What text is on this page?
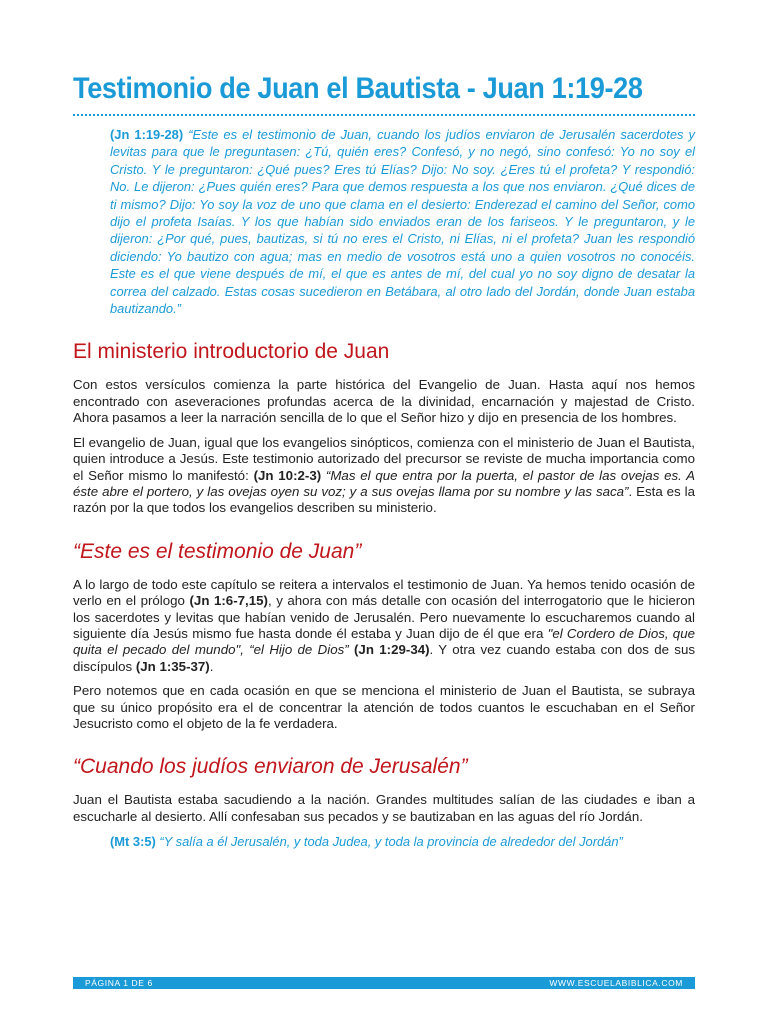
Testimonio de Juan el Bautista - Juan 1:19-28
(Jn 1:19-28) “Este es el testimonio de Juan, cuando los judíos enviaron de Jerusalén sacerdotes y levitas para que le preguntasen: ¿Tú, quién eres? Confesó, y no negó, sino confesó: Yo no soy el Cristo. Y le preguntaron: ¿Qué pues? Eres tú Elías? Dijo: No soy. ¿Eres tú el profeta? Y respondió: No. Le dijeron: ¿Pues quién eres? Para que demos respuesta a los que nos enviaron. ¿Qué dices de ti mismo? Dijo: Yo soy la voz de uno que clama en el desierto: Enderezad el camino del Señor, como dijo el profeta Isaías. Y los que habían sido enviados eran de los fariseos. Y le preguntaron, y le dijeron: ¿Por qué, pues, bautizas, si tú no eres el Cristo, ni Elías, ni el profeta? Juan les respondió diciendo: Yo bautizo con agua; mas en medio de vosotros está uno a quien vosotros no conocéis. Este es el que viene después de mí, el que es antes de mí, del cual yo no soy digno de desatar la correa del calzado. Estas cosas sucedieron en Betábara, al otro lado del Jordán, donde Juan estaba bautizando.”
El ministerio introductorio de Juan

Con estos versículos comienza la parte histórica del Evangelio de Juan. Hasta aquí nos hemos encontrado con aseveraciones profundas acerca de la divinidad, encarnación y majestad de Cristo. Ahora pasamos a leer la narración sencilla de lo que el Señor hizo y dijo en presencia de los hombres.

El evangelio de Juan, igual que los evangelios sinópticos, comienza con el ministerio de Juan el Bautista, quien introduce a Jesús. Este testimonio autorizado del precursor se reviste de mucha importancia como el Señor mismo lo manifestó: (Jn 10:2-3) “Mas el que entra por la puerta, el pastor de las ovejas es. A éste abre el portero, y las ovejas oyen su voz; y a sus ovejas llama por su nombre y las saca”. Esta es la razón por la que todos los evangelios describen su ministerio.

“Este es el testimonio de Juan”

A lo largo de todo este capítulo se reitera a intervalos el testimonio de Juan. Ya hemos tenido ocasión de verlo en el prólogo (Jn 1:6-7,15), y ahora con más detalle con ocasión del interrogatorio que le hicieron los sacerdotes y levitas que habían venido de Jerusalén. Pero nuevamente lo escucharemos cuando al siguiente día Jesús mismo fue hasta donde él estaba y Juan dijo de él que era "el Cordero de Dios, que quita el pecado del mundo", “el Hijo de Dios” (Jn 1:29-34). Y otra vez cuando estaba con dos de sus discípulos (Jn 1:35-37).

Pero notemos que en cada ocasión en que se menciona el ministerio de Juan el Bautista, se subraya que su único propósito era el de concentrar la atención de todos cuantos le escuchaban en el Señor Jesucristo como el objeto de la fe verdadera.

“Cuando los judíos enviaron de Jerusalén”

Juan el Bautista estaba sacudiendo a la nación. Grandes multitudes salían de las ciudades e iban a escucharle al desierto. Allí confesaban sus pecados y se bautizaban en las aguas del río Jordán.

(Mt 3:5) “Y salía a él Jerusalén, y toda Judea, y toda la provincia de alrededor del Jordán”
PÁGINA 1 DE 6	WWW.ESCUELABIBLICA.COM
